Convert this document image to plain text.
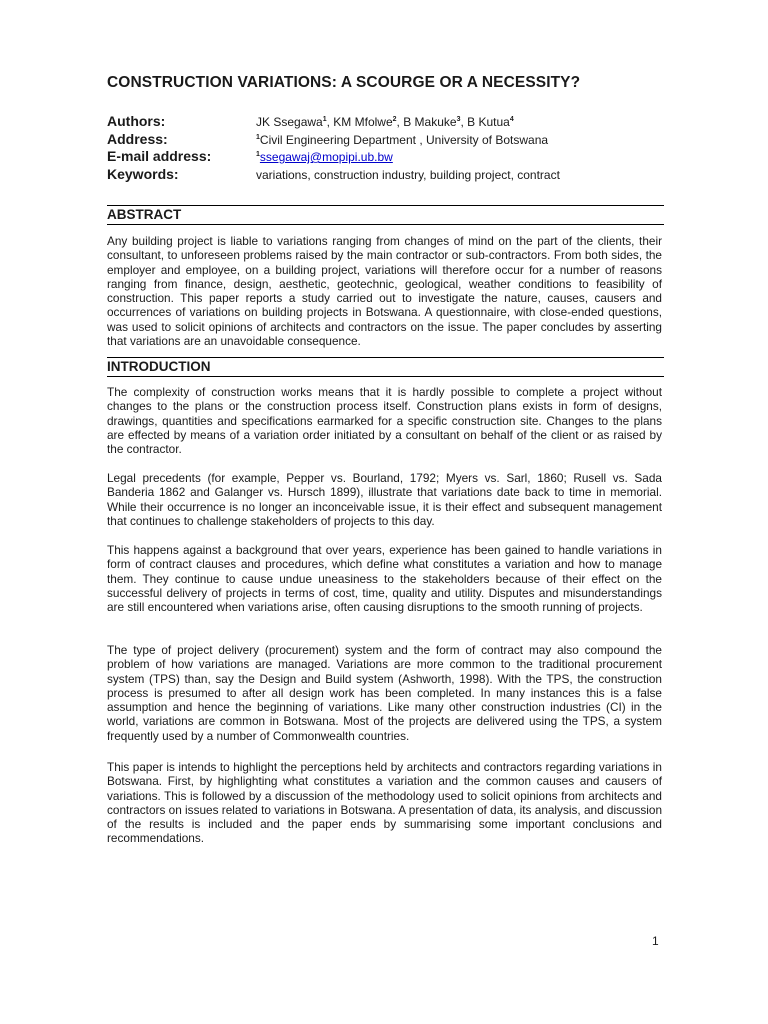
CONSTRUCTION VARIATIONS: A SCOURGE OR A NECESSITY?
Authors:	JK Ssegawa$^1$, KM Mfolwe$^2$, B Makuke$^3$, B Kutua$^4$
Address:	$^1$Civil Engineering Department , University of Botswana
E-mail address:	$^1$ssegawaj@mopipi.ub.bw
Keywords:	variations, construction industry, building project, contract
ABSTRACT

Any building project is liable to variations ranging from changes of mind on the part of the clients, their consultant, to unforeseen problems raised by the main contractor or sub-contractors. From both sides, the employer and employee, on a building project, variations will therefore occur for a number of reasons ranging from finance, design, aesthetic, geotechnic, geological, weather conditions to feasibility of construction. This paper reports a study carried out to investigate the nature, causes, causers and occurrences of variations on building projects in Botswana. A questionnaire, with close-ended questions, was used to solicit opinions of architects and contractors on the issue. The paper concludes by asserting that variations are an unavoidable consequence.

INTRODUCTION

The complexity of construction works means that it is hardly possible to complete a project without changes to the plans or the construction process itself. Construction plans exists in form of designs, drawings, quantities and specifications earmarked for a specific construction site. Changes to the plans are effected by means of a variation order initiated by a consultant on behalf of the client or as raised by the contractor.

Legal precedents (for example, Pepper vs. Bourland, 1792; Myers vs. Sarl, 1860; Rusell vs. Sada Banderia 1862 and Galanger vs. Hursch 1899), illustrate that variations date back to time in memorial. While their occurrence is no longer an inconceivable issue, it is their effect and subsequent management that continues to challenge stakeholders of projects to this day.

This happens against a background that over years, experience has been gained to handle variations in form of contract clauses and procedures, which define what constitutes a variation and how to manage them. They continue to cause undue uneasiness to the stakeholders because of their effect on the successful delivery of projects in terms of cost, time, quality and utility. Disputes and misunderstandings are still encountered when variations arise, often causing disruptions to the smooth running of projects.

The type of project delivery (procurement) system and the form of contract may also compound the problem of how variations are managed. Variations are more common to the traditional procurement system (TPS) than, say the Design and Build system (Ashworth, 1998). With the TPS, the construction process is presumed to after all design work has been completed. In many instances this is a false assumption and hence the beginning of variations. Like many other construction industries (CI) in the world, variations are common in Botswana. Most of the projects are delivered using the TPS, a system frequently used by a number of Commonwealth countries.

This paper is intends to highlight the perceptions held by architects and contractors regarding variations in Botswana. First, by highlighting what constitutes a variation and the common causes and causers of variations. This is followed by a discussion of the methodology used to solicit opinions from architects and contractors on issues related to variations in Botswana. A presentation of data, its analysis, and discussion of the results is included and the paper ends by summarising some important conclusions and recommendations.

1
